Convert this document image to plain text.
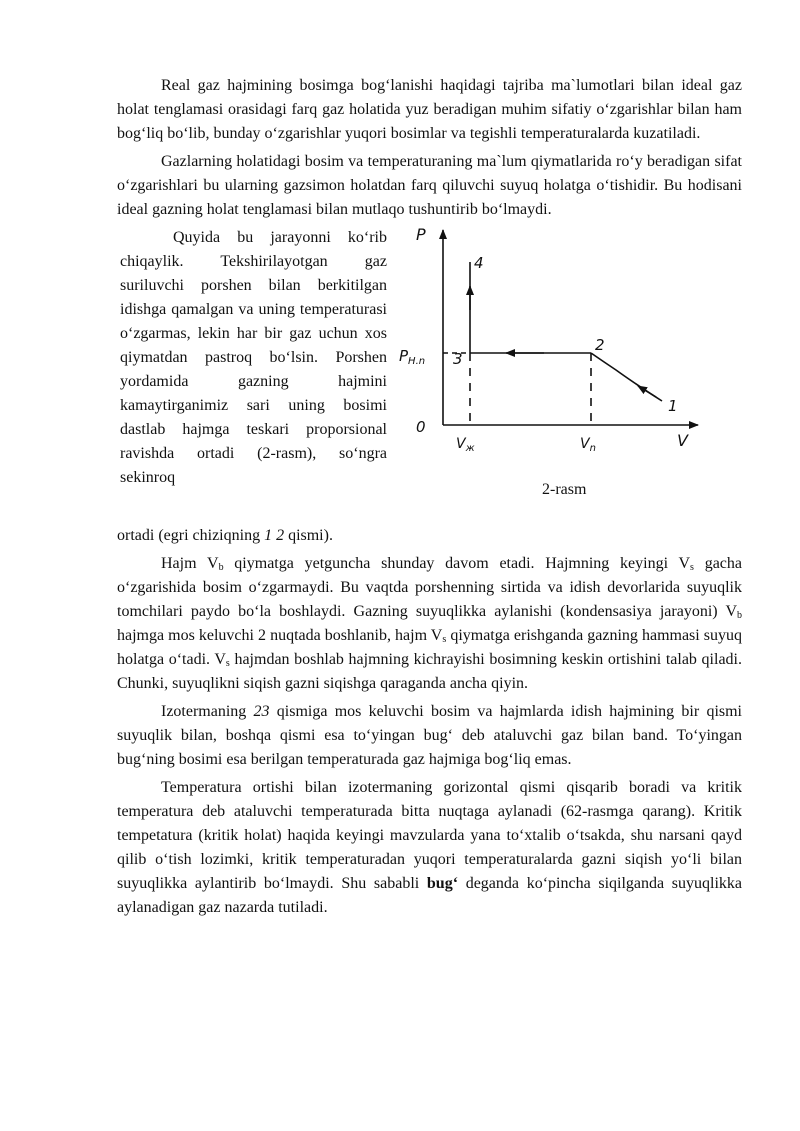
Real gaz hajmining bosimga bog‘lanishi haqidagi tajriba ma`lumotlari bilan ideal gaz holat tenglamasi orasidagi farq gaz holatida yuz beradigan muhim sifatiy o‘zgarishlar bilan ham bog‘liq bo‘lib, bunday o‘zgarishlar yuqori bosimlar va tegishli temperaturalarda kuzatiladi.

Gazlarning holatidagi bosim va temperaturaning ma`lum qiymatlarida ro‘y beradigan sifat o‘zgarishlari bu ularning gazsimon holatdan farq qiluvchi suyuq holatga o‘tishidir. Bu hodisani ideal gazning holat tenglamasi bilan mutlaqo tushuntirib bo‘lmaydi.

Quyida bu jarayonni ko‘rib chiqaylik. Tekshirilayotgan gaz suriluvchi porshen bilan berkitilgan idishga qamalgan va uning temperaturasi o‘zgarmas, lekin har bir gaz uchun xos qiymatdan pastroq bo‘lsin. Porshen yordamida gazning hajmini kamaytirganimiz sari uning bosimi dastlab hajmga teskari proporsional ravishda ortadi (2-rasm), so‘ngra sekinroq

P
V
0
$P_{H.n}$
$V_ж$	$V_n$
1
2
3
4
2-rasm

ortadi (egri chiziqning 1 2 qismi).

Hajm $V_b$ qiymatga yetguncha shunday davom etadi. Hajmning keyingi $V_s$ gacha o‘zgarishida bosim o‘zgarmaydi. Bu vaqtda porshenning sirtida va idish devorlarida suyuqlik tomchilari paydo bo‘la boshlaydi. Gazning suyuqlikka aylanishi (kondensasiya jarayoni) $V_b$ hajmga mos keluvchi 2 nuqtada boshlanib, hajm $V_s$ qiymatga erishganda gazning hammasi suyuq holatga o‘tadi. $V_s$ hajmdan boshlab hajmning kichrayishi bosimning keskin ortishini talab qiladi. Chunki, suyuqlikni siqish gazni siqishga qaraganda ancha qiyin.

Izotermaning 23 qismiga mos keluvchi bosim va hajmlarda idish hajmining bir qismi suyuqlik bilan, boshqa qismi esa to‘yingan bug‘ deb ataluvchi gaz bilan band. To‘yingan bug‘ning bosimi esa berilgan temperaturada gaz hajmiga bog‘liq emas.

Temperatura ortishi bilan izotermaning gorizontal qismi qisqarib boradi va kritik temperatura deb ataluvchi temperaturada bitta nuqtaga aylanadi (62-rasmga qarang). Kritik tempetatura (kritik holat) haqida keyingi mavzularda yana to‘xtalib o‘tsakda, shu narsani qayd qilib o‘tish lozimki, kritik temperaturadan yuqori temperaturalarda gazni siqish yo‘li bilan suyuqlikka aylantirib bo‘lmaydi. Shu sababli bug‘ deganda ko‘pincha siqilganda suyuqlikka aylanadigan gaz nazarda tutiladi.
